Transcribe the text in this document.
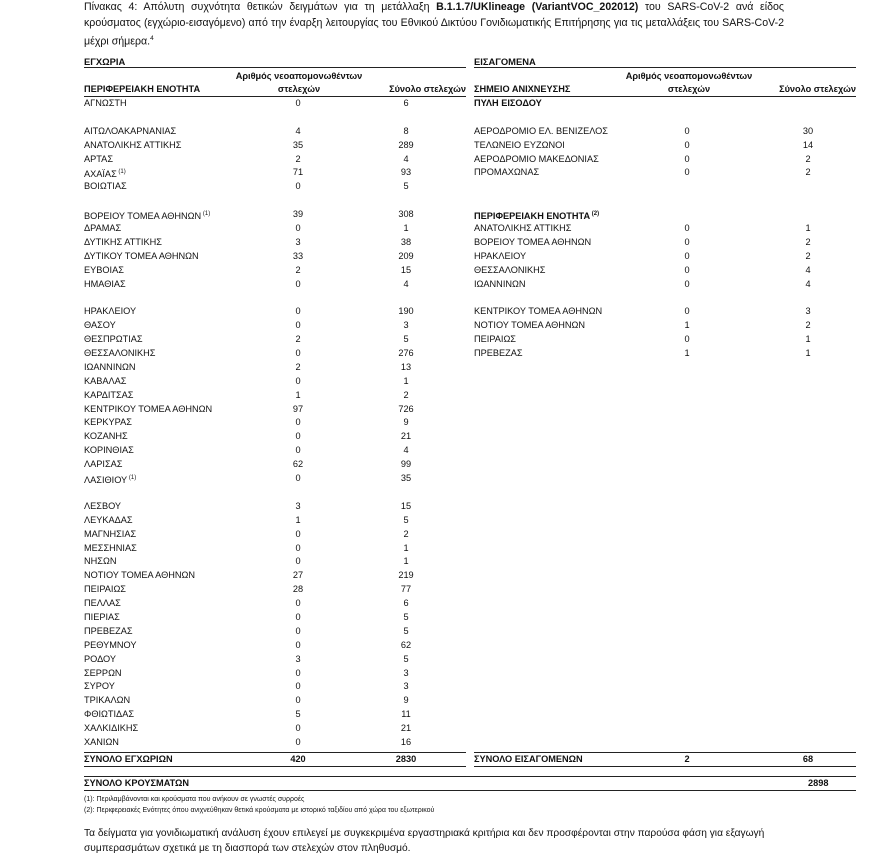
Πίνακας 4: Απόλυτη συχνότητα θετικών δειγμάτων για τη μετάλλαξη B.1.1.7/UKlineage (VariantVOC_202012) του SARS-CoV-2 ανά είδος κρούσματος (εγχώριο-εισαγόμενο) από την έναρξη λειτουργίας του Εθνικού Δικτύου Γονιδιωματικής Επιτήρησης για τις μεταλλάξεις του SARS-CoV-2 μέχρι σήμερα.$^4$
ΕΓΧΩΡΙΑ
ΠΕΡΙΦΕΡΕΙΑΚΗ ΕΝΟΤΗΤΑ
Αριθμός νεοαπομονωθέντων
στελεχών	Σύνολο στελεχών
ΑΓΝΩΣΤΗ	0	6
ΑΙΤΩΛΟΑΚΑΡΝΑΝΙΑΣ	4	8
ΑΝΑΤΟΛΙΚΗΣ ΑΤΤΙΚΗΣ	35	289
ΑΡΤΑΣ	2	4
ΑΧΑΪΑΣ $^{(1)}$	71	93
ΒΟΙΩΤΙΑΣ	0	5
ΒΟΡΕΙΟΥ ΤΟΜΕΑ ΑΘΗΝΩΝ $^{(1)}$	39	308
ΔΡΑΜΑΣ	0	1
ΔΥΤΙΚΗΣ ΑΤΤΙΚΗΣ	3	38
ΔΥΤΙΚΟΥ ΤΟΜΕΑ ΑΘΗΝΩΝ	33	209
ΕΥΒΟΙΑΣ	2	15
ΗΜΑΘΙΑΣ	0	4
ΗΡΑΚΛΕΙΟΥ	0	190
ΘΑΣΟΥ	0	3
ΘΕΣΠΡΩΤΙΑΣ	2	5
ΘΕΣΣΑΛΟΝΙΚΗΣ	0	276
ΙΩΑΝΝΙΝΩΝ	2	13
ΚΑΒΑΛΑΣ	0	1
ΚΑΡΔΙΤΣΑΣ	1	2
ΚΕΝΤΡΙΚΟΥ ΤΟΜΕΑ ΑΘΗΝΩΝ	97	726
ΚΕΡΚΥΡΑΣ	0	9
ΚΟΖΑΝΗΣ	0	21
ΚΟΡΙΝΘΙΑΣ	0	4
ΛΑΡΙΣΑΣ	62	99
ΛΑΣΙΘΙΟΥ $^{(1)}$	0	35
ΛΕΣΒΟΥ	3	15
ΛΕΥΚΑΔΑΣ	1	5
ΜΑΓΝΗΣΙΑΣ	0	2
ΜΕΣΣΗΝΙΑΣ	0	1
ΝΗΣΩΝ	0	1
ΝΟΤΙΟΥ ΤΟΜΕΑ ΑΘΗΝΩΝ	27	219
ΠΕΙΡΑΙΩΣ	28	77
ΠΕΛΛΑΣ	0	6
ΠΙΕΡΙΑΣ	0	5
ΠΡΕΒΕΖΑΣ	0	5
ΡΕΘΥΜΝΟΥ	0	62
ΡΟΔΟΥ	3	5
ΣΕΡΡΩΝ	0	3
ΣΥΡΟΥ	0	3
ΤΡΙΚΑΛΩΝ	0	9
ΦΘΙΩΤΙΔΑΣ	5	11
ΧΑΛΚΙΔΙΚΗΣ	0	21
ΧΑΝΙΩΝ	0	16
ΕΙΣΑΓΟΜΕΝΑ
ΣΗΜΕΙΟ ΑΝΙΧΝΕΥΣΗΣ
Αριθμός νεοαπομονωθέντων
στελεχών	Σύνολο στελεχών
ΠΥΛΗ ΕΙΣΟΔΟΥ
ΑΕΡΟΔΡΟΜΙΟ ΕΛ. ΒΕΝΙΖΕΛΟΣ	0	30
ΤΕΛΩΝΕΙΟ ΕΥΖΩΝΟΙ	0	14
ΑΕΡΟΔΡΟΜΙΟ ΜΑΚΕΔΟΝΙΑΣ	0	2
ΠΡΟΜΑΧΩΝΑΣ	0	2
ΠΕΡΙΦΕΡΕΙΑΚΗ ΕΝΟΤΗΤΑ $^{(2)}$
ΑΝΑΤΟΛΙΚΗΣ ΑΤΤΙΚΗΣ	0	1
ΒΟΡΕΙΟΥ ΤΟΜΕΑ ΑΘΗΝΩΝ	0	2
ΗΡΑΚΛΕΙΟΥ	0	2
ΘΕΣΣΑΛΟΝΙΚΗΣ	0	4
ΙΩΑΝΝΙΝΩΝ	0	4
ΚΕΝΤΡΙΚΟΥ ΤΟΜΕΑ ΑΘΗΝΩΝ	0	3
ΝΟΤΙΟΥ ΤΟΜΕΑ ΑΘΗΝΩΝ	1	2
ΠΕΙΡΑΙΩΣ	0	1
ΠΡΕΒΕΖΑΣ	1	1
ΣΥΝΟΛΟ ΕΓΧΩΡΙΩΝ	420	2830	ΣΥΝΟΛΟ ΕΙΣΑΓΟΜΕΝΩΝ	2	68
ΣΥΝΟΛΟ ΚΡΟΥΣΜΑΤΩΝ	2898
(1): Περιλαμβάνονται και κρούσματα που ανήκουν σε γνωστές συρροές
(2): Περιφερειακές Ενότητες όπου ανιχνεύθηκαν θετικά κρούσματα με ιστορικό ταξιδίου από χώρα του εξωτερικού
Τα δείγματα για γονιδιωματική ανάλυση έχουν επιλεγεί με συγκεκριμένα εργαστηριακά κριτήρια και δεν προσφέρονται στην παρούσα φάση για εξαγωγή συμπερασμάτων σχετικά με τη διασπορά των στελεχών στον πληθυσμό.
